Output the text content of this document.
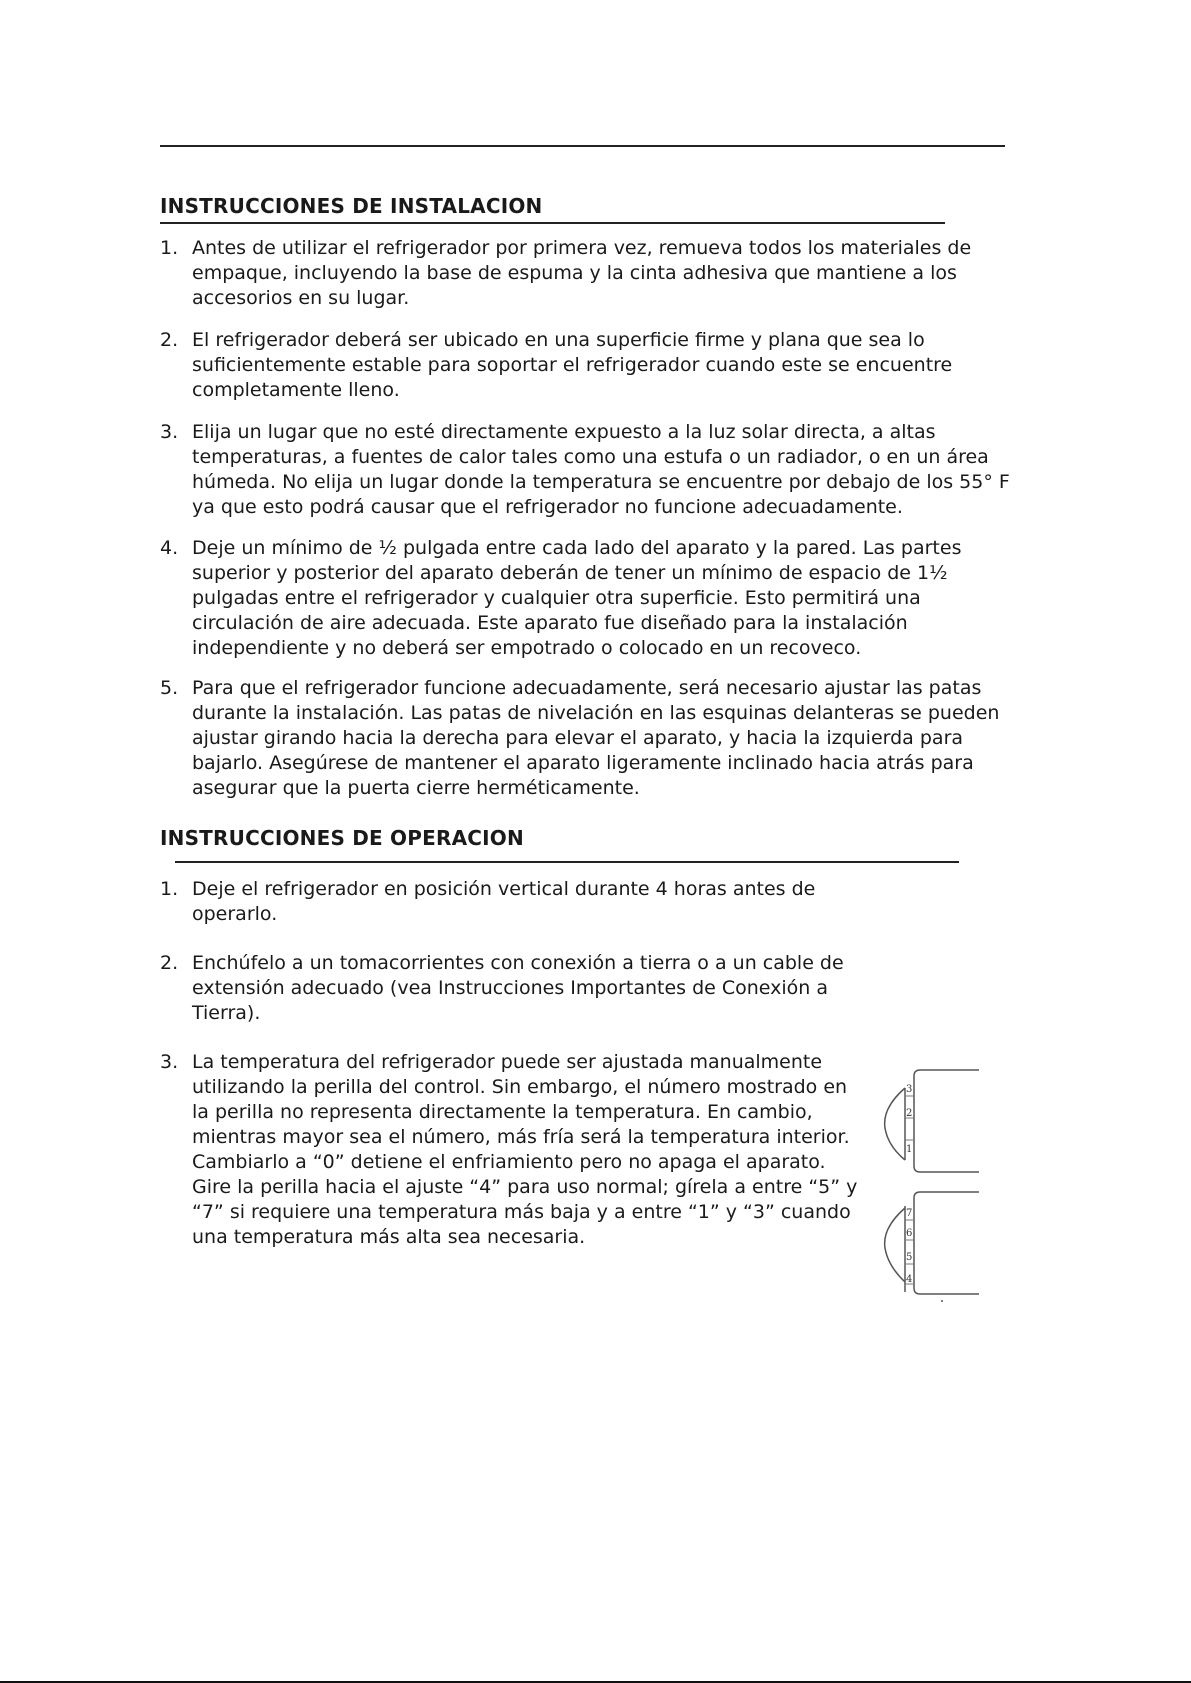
INSTRUCCIONES DE INSTALACION
1. Antes de utilizar el refrigerador por primera vez, remueva todos los materiales de empaque, incluyendo la base de espuma y la cinta adhesiva que mantiene a los accesorios en su lugar.
2. El refrigerador deberá ser ubicado en una superficie firme y plana que sea lo suficientemente estable para soportar el refrigerador cuando este se encuentre completamente lleno.
3. Elija un lugar que no esté directamente expuesto a la luz solar directa, a altas temperaturas, a fuentes de calor tales como una estufa o un radiador, o en un área húmeda. No elija un lugar donde la temperatura se encuentre por debajo de los 55° F ya que esto podrá causar que el refrigerador no funcione adecuadamente.
4. Deje un mínimo de ½ pulgada entre cada lado del aparato y la pared. Las partes superior y posterior del aparato deberán de tener un mínimo de espacio de 1½ pulgadas entre el refrigerador y cualquier otra superficie. Esto permitirá una circulación de aire adecuada. Este aparato fue diseñado para la instalación independiente y no deberá ser empotrado o colocado en un recoveco.
5. Para que el refrigerador funcione adecuadamente, será necesario ajustar las patas durante la instalación. Las patas de nivelación en las esquinas delanteras se pueden ajustar girando hacia la derecha para elevar el aparato, y hacia la izquierda para bajarlo. Asegúrese de mantener el aparato ligeramente inclinado hacia atrás para asegurar que la puerta cierre herméticamente.
INSTRUCCIONES DE OPERACION
1. Deje el refrigerador en posición vertical durante 4 horas antes de operarlo.
2. Enchúfelo a un tomacorrientes con conexión a tierra o a un cable de extensión adecuado (vea Instrucciones Importantes de Conexión a Tierra).
3. La temperatura del refrigerador puede ser ajustada manualmente utilizando la perilla del control. Sin embargo, el número mostrado en la perilla no representa directamente la temperatura. En cambio, mientras mayor sea el número, más fría será la temperatura interior. Cambiarlo a “0” detiene el enfriamiento pero no apaga el aparato. Gire la perilla hacia el ajuste “4” para uso normal; gírela a entre “5” y “7” si requiere una temperatura más baja y a entre “1” y “3” cuando una temperatura más alta sea necesaria.
3
2
1
7
6
5
4
